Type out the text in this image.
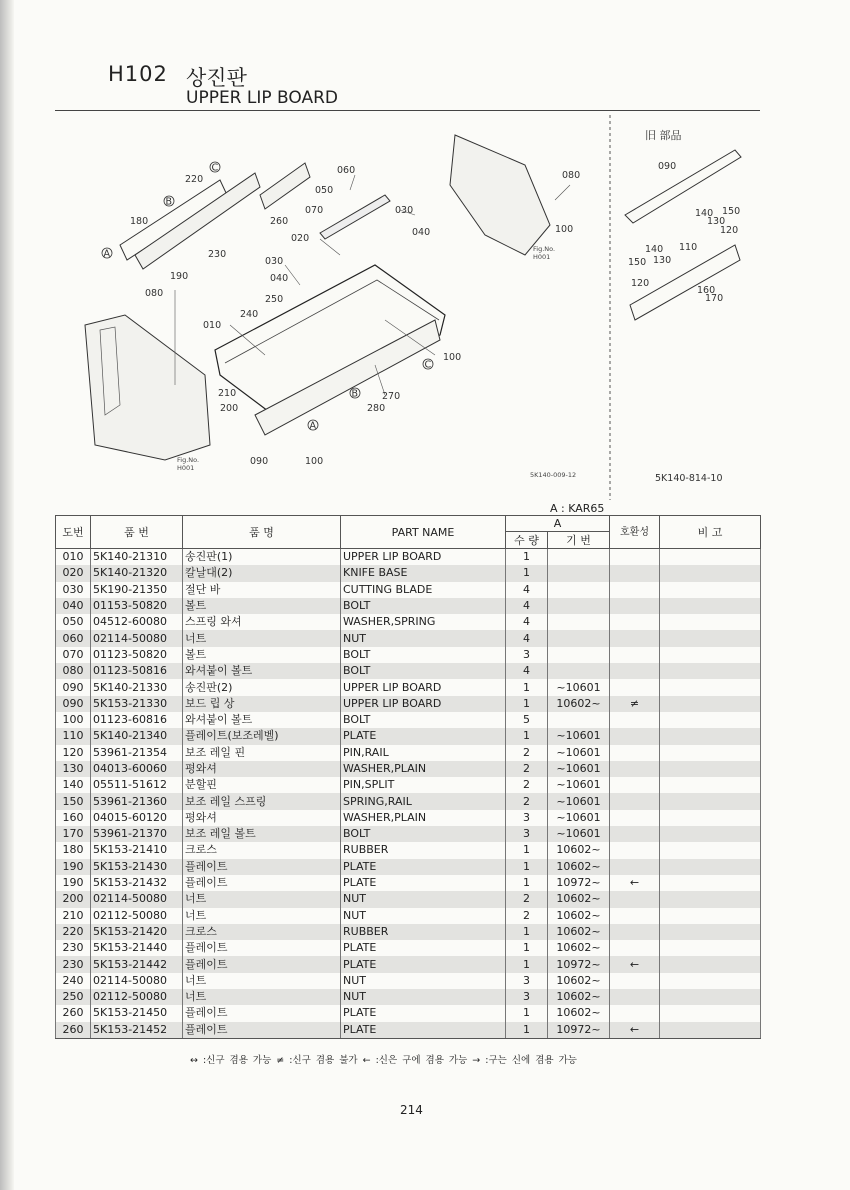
H102 상진판
UPPER LIP BOARD
010
020
030
030
040
040
050
060
070
080
080
100
100
100
180
190
200
210
220
230
240
250
260
270
280
090
090
110
120
120
130
130
140
140
150
150
160
170
A
A
B
B
C
C
Fig.No.
H001
Fig.No.
H001
5K140-009-12	5K140-814-10
旧 部品
A : KAR65
도번	품 번	품 명	PART NAME	A		호환성	비 고
				수 량	기 번		
010	5K140-21310	송진판(1)	UPPER LIP BOARD	1			
020	5K140-21320	칼날대(2)	KNIFE BASE	1			
030	5K190-21350	절단 바	CUTTING BLADE	4			
040	01153-50820	볼트	BOLT	4			
050	04512-60080	스프링 와셔	WASHER,SPRING	4			
060	02114-50080	너트	NUT	4			
070	01123-50820	볼트	BOLT	3			
080	01123-50816	와셔붙이 볼트	BOLT	4			
090	5K140-21330	송진판(2)	UPPER LIP BOARD	1	~10601		
090	5K153-21330	보드 립 상	UPPER LIP BOARD	1	10602~	≠	
100	01123-60816	와셔붙이 볼트	BOLT	5			
110	5K140-21340	플레이트(보조레벨)	PLATE	1	~10601		
120	53961-21354	보조 레일 핀	PIN,RAIL	2	~10601		
130	04013-60060	평와셔	WASHER,PLAIN	2	~10601		
140	05511-51612	분할핀	PIN,SPLIT	2	~10601		
150	53961-21360	보조 레일 스프링	SPRING,RAIL	2	~10601		
160	04015-60120	평와셔	WASHER,PLAIN	3	~10601		
170	53961-21370	보조 레일 볼트	BOLT	3	~10601		
180	5K153-21410	크로스	RUBBER	1	10602~		
190	5K153-21430	플레이트	PLATE	1	10602~		
190	5K153-21432	플레이트	PLATE	1	10972~	←	
200	02114-50080	너트	NUT	2	10602~		
210	02112-50080	너트	NUT	2	10602~		
220	5K153-21420	크로스	RUBBER	1	10602~		
230	5K153-21440	플레이트	PLATE	1	10602~		
230	5K153-21442	플레이트	PLATE	1	10972~	←	
240	02114-50080	너트	NUT	3	10602~		
250	02112-50080	너트	NUT	3	10602~		
260	5K153-21450	플레이트	PLATE	1	10602~		
260	5K153-21452	플레이트	PLATE	1	10972~	←	
↔ :신구 겸용 가능 ≠ :신구 겸용 불가 ← :신은 구에 겸용 가능 → :구는 신에 겸용 가능
214
